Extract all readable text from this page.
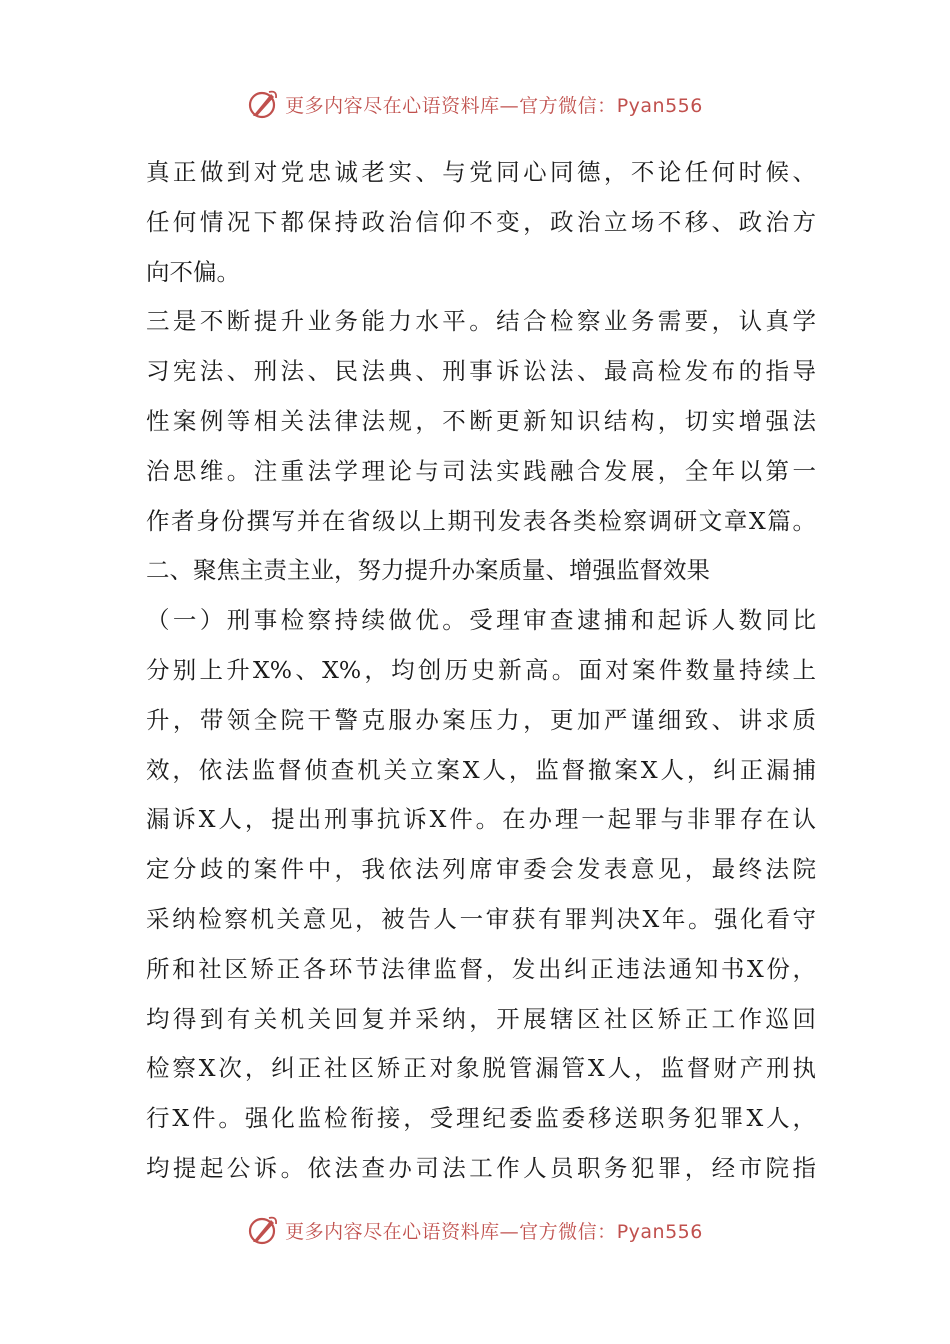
更多内容尽在心语资料库—官方微信：Pyan556
真正做到对党忠诚老实、与党同心同德，不论任何时候、
任何情况下都保持政治信仰不变，政治立场不移、政治方
向不偏。
三是不断提升业务能力水平。结合检察业务需要，认真学
习宪法、刑法、民法典、刑事诉讼法、最高检发布的指导
性案例等相关法律法规，不断更新知识结构，切实增强法
治思维。注重法学理论与司法实践融合发展，全年以第一
作者身份撰写并在省级以上期刊发表各类检察调研文章X篇。
二、聚焦主责主业，努力提升办案质量、增强监督效果
（一）刑事检察持续做优。受理审查逮捕和起诉人数同比
分别上升X%、X%，均创历史新高。面对案件数量持续上
升，带领全院干警克服办案压力，更加严谨细致、讲求质
效，依法监督侦查机关立案X人，监督撤案X人，纠正漏捕
漏诉X人，提出刑事抗诉X件。在办理一起罪与非罪存在认
定分歧的案件中，我依法列席审委会发表意见，最终法院
采纳检察机关意见，被告人一审获有罪判决X年。强化看守
所和社区矫正各环节法律监督，发出纠正违法通知书X份，
均得到有关机关回复并采纳，开展辖区社区矫正工作巡回
检察X次，纠正社区矫正对象脱管漏管X人，监督财产刑执
行X件。强化监检衔接，受理纪委监委移送职务犯罪X人，
均提起公诉。依法查办司法工作人员职务犯罪，经市院指
更多内容尽在心语资料库—官方微信：Pyan556
